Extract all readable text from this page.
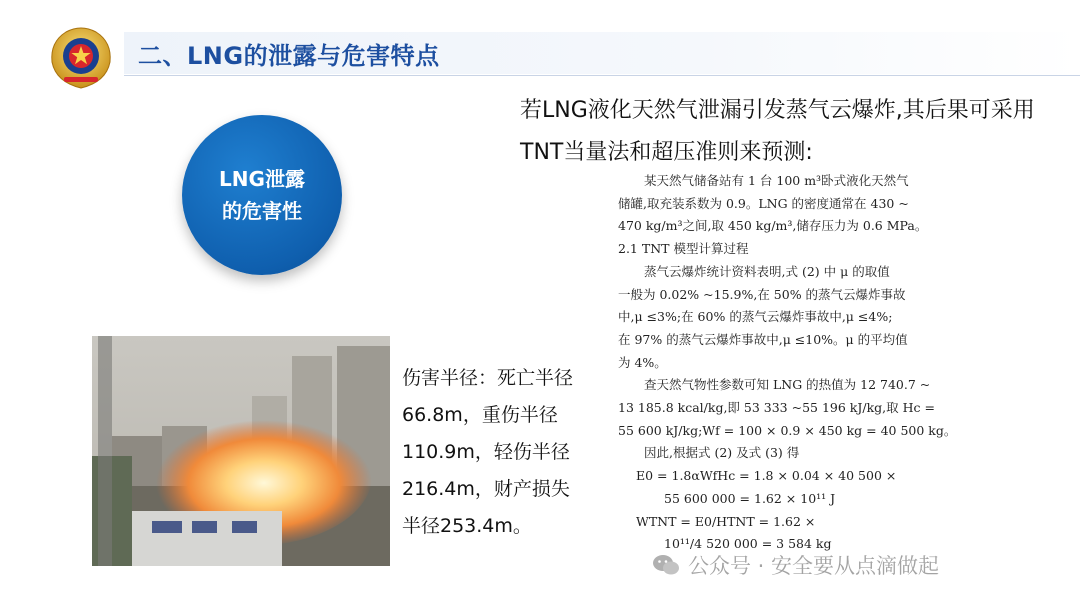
二、LNG的泄露与危害特点
若LNG液化天然气泄漏引发蒸气云爆炸,其后果可采用
TNT当量法和超压准则来预测:
LNG泄露
的危害性
伤害半径：死亡半径
66.8m，重伤半径
110.9m，轻伤半径
216.4m，财产损失
半径253.4m。
某天然气储备站有 1 台 100 m³卧式液化天然气
储罐,取充装系数为 0.9。LNG 的密度通常在 430 ~
470 kg/m³之间,取 450 kg/m³,储存压力为 0.6 MPa。
2.1 TNT 模型计算过程
蒸气云爆炸统计资料表明,式 (2) 中 μ 的取值
一般为 0.02% ~15.9%,在 50% 的蒸气云爆炸事故
中,μ ≤3%;在 60% 的蒸气云爆炸事故中,μ ≤4%;
在 97% 的蒸气云爆炸事故中,μ ≤10%。μ 的平均值
为 4%。
查天然气物性参数可知 LNG 的热值为 12 740.7 ~
13 185.8 kcal/kg,即 53 333 ~55 196 kJ/kg,取 Hc =
55 600 kJ/kg;Wf = 100 × 0.9 × 450 kg = 40 500 kg。
因此,根据式 (2) 及式 (3) 得
E0 = 1.8αWfHc = 1.8 × 0.04 × 40 500 ×
55 600 000 = 1.62 × 10¹¹ J
WTNT = E0/HTNT = 1.62 ×
10¹¹/4 520 000 = 3 584 kg
公众号 · 安全要从点滴做起
